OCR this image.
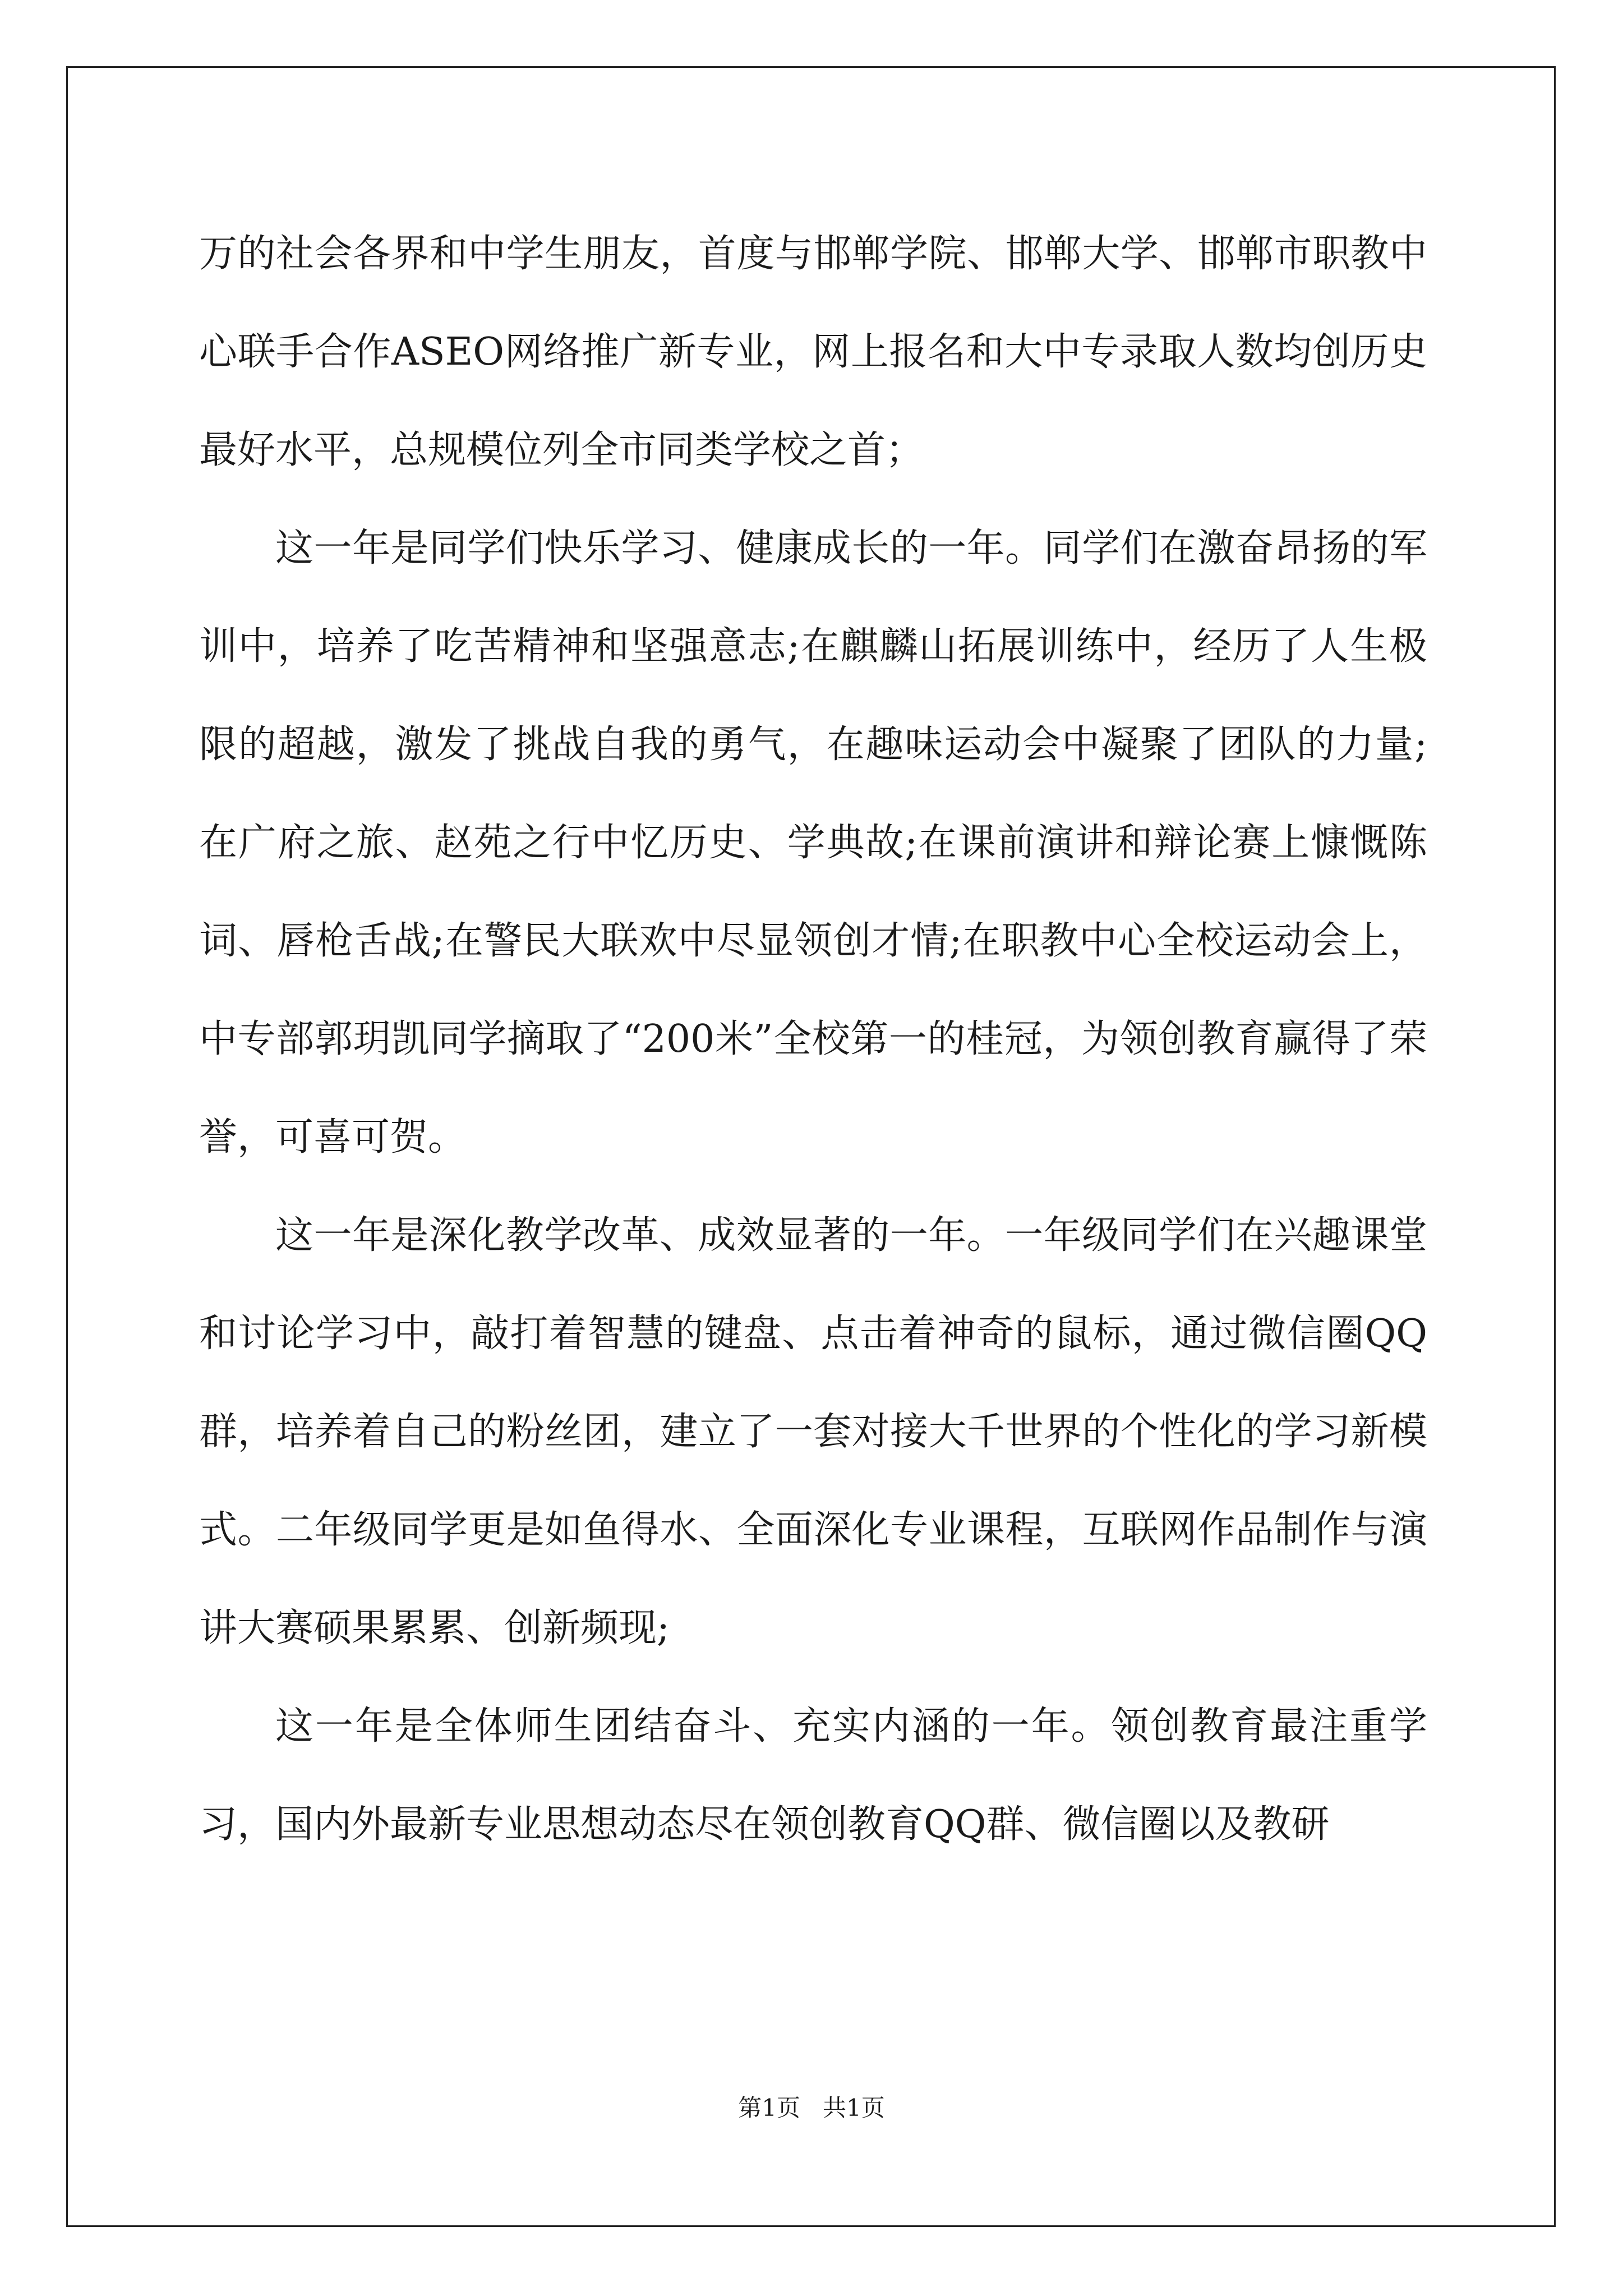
万的社会各界和中学生朋友，首度与邯郸学院、邯郸大学、邯郸市职教中心联手合作ASEO网络推广新专业，网上报名和大中专录取人数均创历史最好水平，总规模位列全市同类学校之首；

这一年是同学们快乐学习、健康成长的一年。同学们在激奋昂扬的军训中，培养了吃苦精神和坚强意志;在麒麟山拓展训练中，经历了人生极限的超越，激发了挑战自我的勇气，在趣味运动会中凝聚了团队的力量;在广府之旅、赵苑之行中忆历史、学典故;在课前演讲和辩论赛上慷慨陈词、唇枪舌战;在警民大联欢中尽显领创才情;在职教中心全校运动会上，中专部郭玥凯同学摘取了“200米”全校第一的桂冠，为领创教育赢得了荣誉，可喜可贺。

这一年是深化教学改革、成效显著的一年。一年级同学们在兴趣课堂和讨论学习中，敲打着智慧的键盘、点击着神奇的鼠标，通过微信圈QQ群，培养着自己的粉丝团，建立了一套对接大千世界的个性化的学习新模式。二年级同学更是如鱼得水、全面深化专业课程，互联网作品制作与演讲大赛硕果累累、创新频现;

这一年是全体师生团结奋斗、充实内涵的一年。领创教育最注重学习，国内外最新专业思想动态尽在领创教育QQ群、微信圈以及教研

第1页   共1页
